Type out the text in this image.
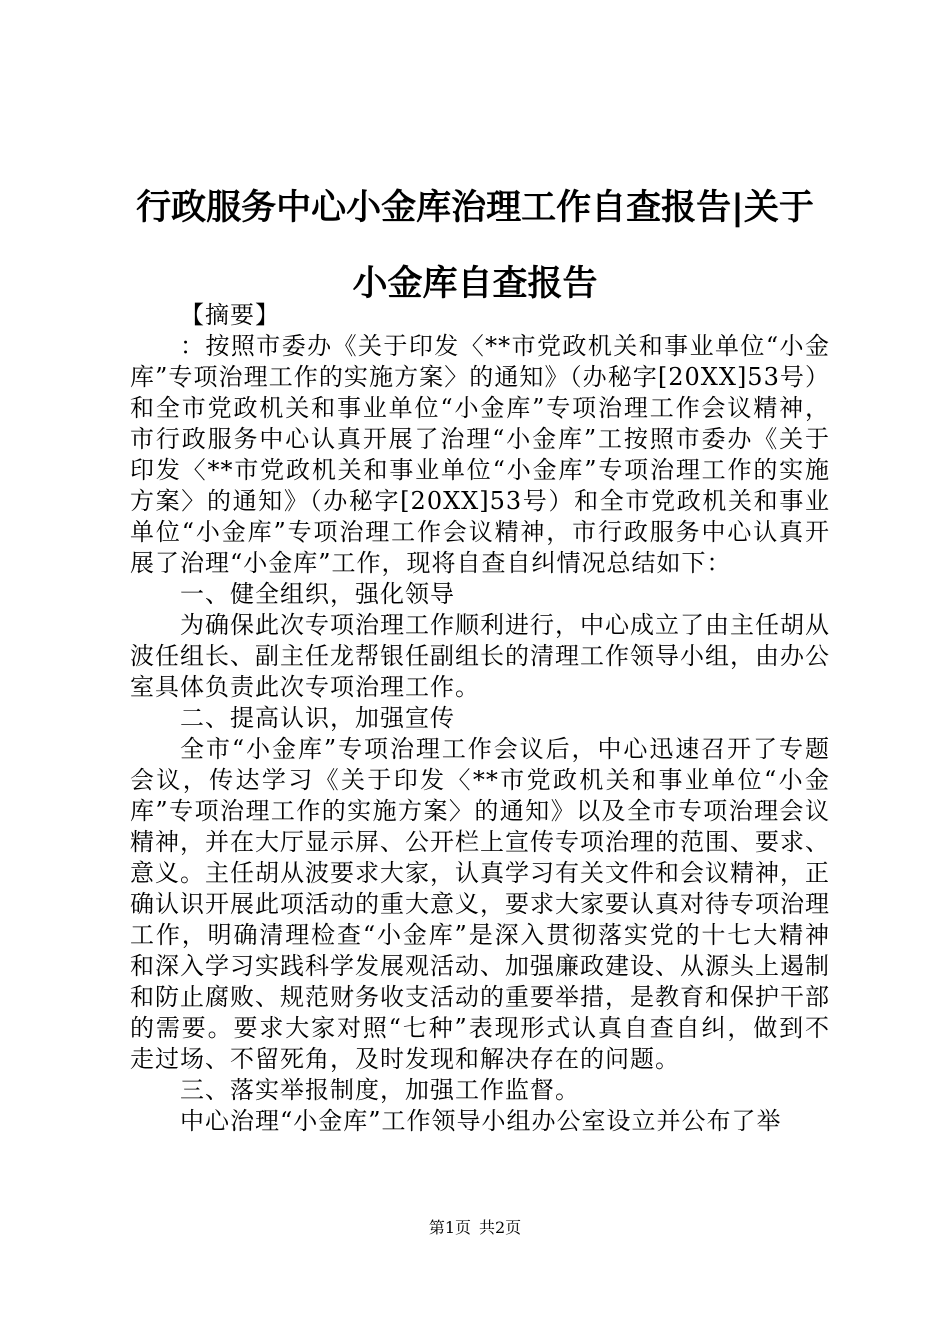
行政服务中心小金库治理工作自查报告|关于小金库自查报告

【摘要】

：按照市委办《关于印发〈**市党政机关和事业单位“小金库”专项治理工作的实施方案〉的通知》（办秘字[20XX]53号）和全市党政机关和事业单位“小金库”专项治理工作会议精神，市行政服务中心认真开展了治理“小金库”工按照市委办《关于印发〈**市党政机关和事业单位“小金库”专项治理工作的实施方案〉的通知》（办秘字[20XX]53号）和全市党政机关和事业单位“小金库”专项治理工作会议精神，市行政服务中心认真开展了治理“小金库”工作，现将自查自纠情况总结如下：

一、健全组织，强化领导

为确保此次专项治理工作顺利进行，中心成立了由主任胡从波任组长、副主任龙帮银任副组长的清理工作领导小组，由办公室具体负责此次专项治理工作。

二、提高认识，加强宣传

全市“小金库”专项治理工作会议后，中心迅速召开了专题会议，传达学习《关于印发〈**市党政机关和事业单位“小金库”专项治理工作的实施方案〉的通知》以及全市专项治理会议精神，并在大厅显示屏、公开栏上宣传专项治理的范围、要求、意义。主任胡从波要求大家，认真学习有关文件和会议精神，正确认识开展此项活动的重大意义，要求大家要认真对待专项治理工作，明确清理检查“小金库”是深入贯彻落实党的十七大精神和深入学习实践科学发展观活动、加强廉政建设、从源头上遏制和防止腐败、规范财务收支活动的重要举措，是教育和保护干部的需要。要求大家对照“七种”表现形式认真自查自纠，做到不走过场、不留死角，及时发现和解决存在的问题。

三、落实举报制度，加强工作监督。

中心治理“小金库”工作领导小组办公室设立并公布了举

第1页 共2页
